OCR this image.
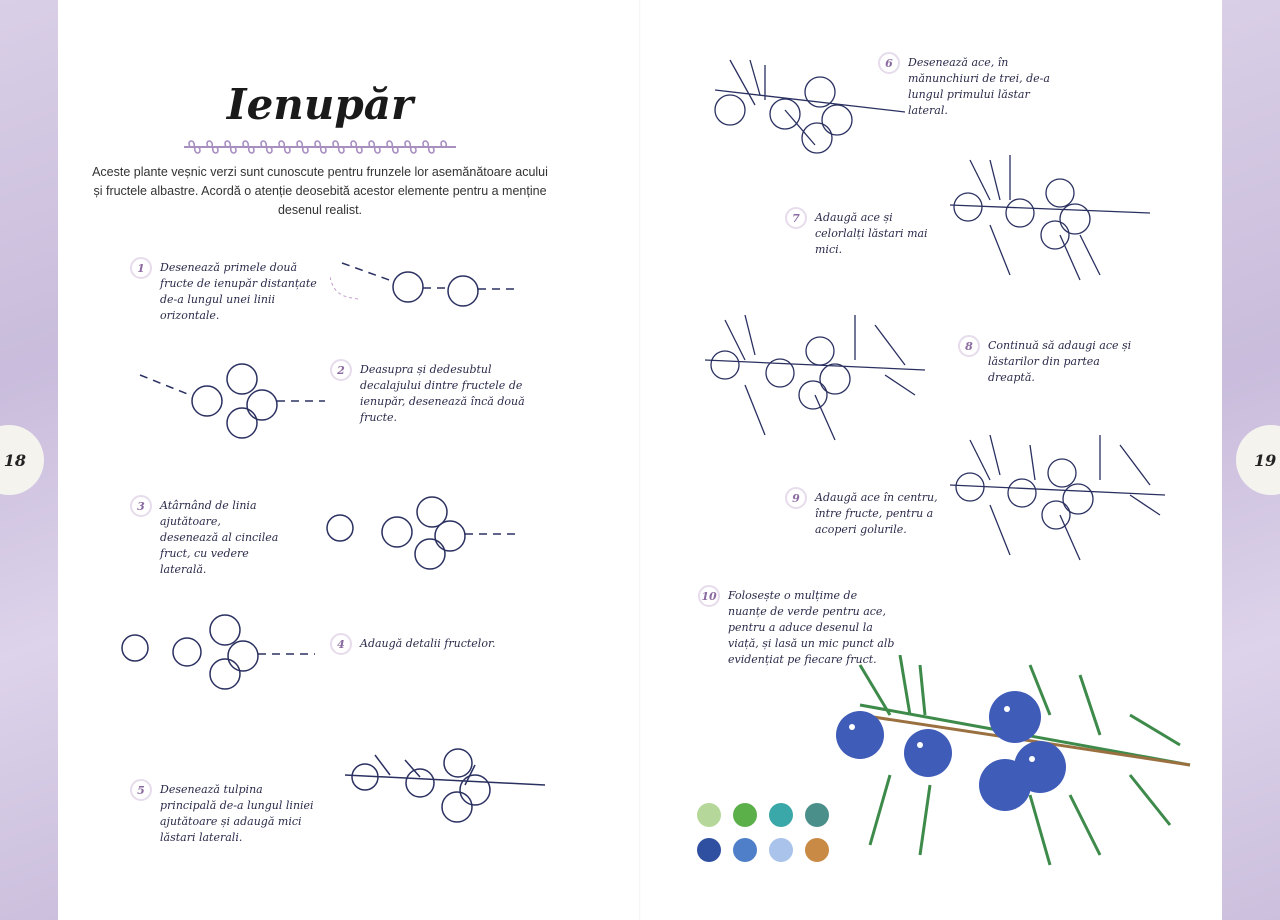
18	19
Ienupăr
Aceste plante veșnic verzi sunt cunoscute pentru frunzele lor asemănătoare acului și fructele albastre. Acordă o atenție deosebită acestor elemente pentru a menține desenul realist.
1	Desenează primele două fructe de ienupăr distanțate de-a lungul unei linii orizontale.
2	Deasupra și dedesubtul decalajului dintre fructele de ienupăr, desenează încă două fructe.
3	Atârnând de linia ajutătoare, desenează al cincilea fruct, cu vedere laterală.
4	Adaugă detalii fructelor.
5	Desenează tulpina principală de-a lungul liniei ajutătoare și adaugă mici lăstari laterali.
6	Desenează ace, în mănunchiuri de trei, de-a lungul primului lăstar lateral.
7	Adaugă ace și celorlalți lăstari mai mici.
8	Continuă să adaugi ace și lăstarilor din partea dreaptă.
9	Adaugă ace în centru, între fructe, pentru a acoperi golurile.
10	Folosește o mulțime de nuanțe de verde pentru ace, pentru a aduce desenul la viață, și lasă un mic punct alb evidențiat pe fiecare fruct.
